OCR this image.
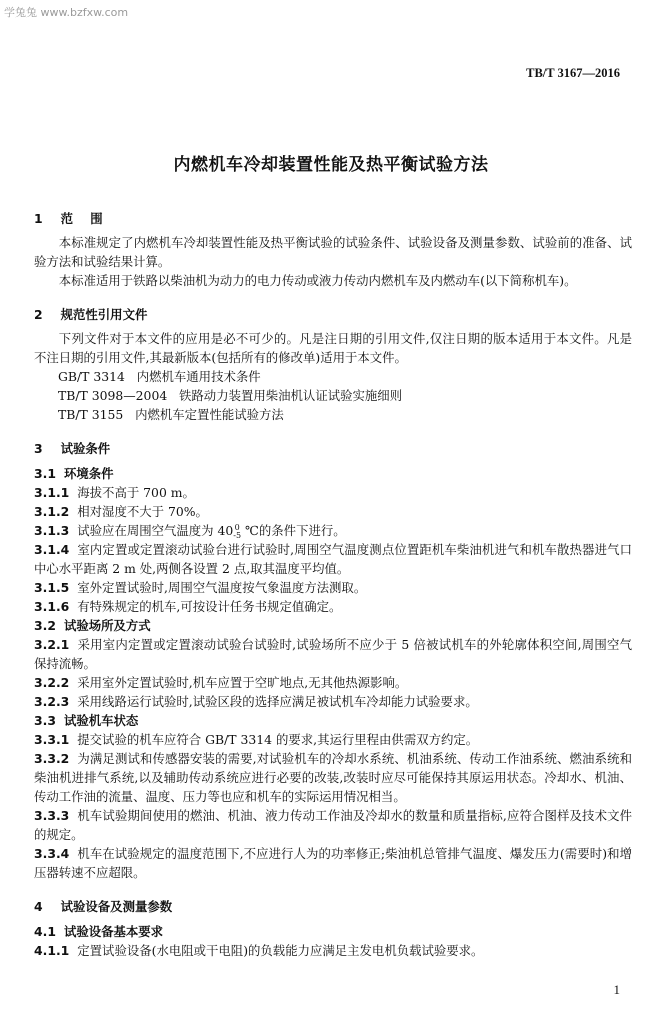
学兔兔 www.bzfxw.com
TB/T 3167—2016
内燃机车冷却装置性能及热平衡试验方法
1 范    围

本标准规定了内燃机车冷却装置性能及热平衡试验的试验条件、试验设备及测量参数、试验前的准备、试验方法和试验结果计算。

本标准适用于铁路以柴油机为动力的电力传动或液力传动内燃机车及内燃动车(以下简称机车)。

2 规范性引用文件

下列文件对于本文件的应用是必不可少的。凡是注日期的引用文件,仅注日期的版本适用于本文件。凡是不注日期的引用文件,其最新版本(包括所有的修改单)适用于本文件。

GB/T 3314   内燃机车通用技术条件

TB/T 3098—2004   铁路动力装置用柴油机认证试验实施细则

TB/T 3155   内燃机车定置性能试验方法

3 试验条件
3.1 环境条件

3.1.1 海拔不高于 700 m。

3.1.2 相对湿度不大于 70%。

3.1.3 试验应在周围空气温度为 400
-5 ℃的条件下进行。

3.1.4 室内定置或定置滚动试验台进行试验时,周围空气温度测点位置距机车柴油机进气和机车散热器进气口中心水平距离 2 m 处,两侧各设置 2 点,取其温度平均值。

3.1.5 室外定置试验时,周围空气温度按气象温度方法测取。

3.1.6 有特殊规定的机车,可按设计任务书规定值确定。

3.2 试验场所及方式

3.2.1 采用室内定置或定置滚动试验台试验时,试验场所不应少于 5 倍被试机车的外轮廓体积空间,周围空气保持流畅。

3.2.2 采用室外定置试验时,机车应置于空旷地点,无其他热源影响。

3.2.3 采用线路运行试验时,试验区段的选择应满足被试机车冷却能力试验要求。

3.3 试验机车状态

3.3.1 提交试验的机车应符合 GB/T 3314 的要求,其运行里程由供需双方约定。

3.3.2 为满足测试和传感器安装的需要,对试验机车的冷却水系统、机油系统、传动工作油系统、燃油系统和柴油机进排气系统,以及辅助传动系统应进行必要的改装,改装时应尽可能保持其原运用状态。冷却水、机油、传动工作油的流量、温度、压力等也应和机车的实际运用情况相当。

3.3.3 机车试验期间使用的燃油、机油、液力传动工作油及冷却水的数量和质量指标,应符合图样及技术文件的规定。

3.3.4 机车在试验规定的温度范围下,不应进行人为的功率修正;柴油机总管排气温度、爆发压力(需要时)和增压器转速不应超限。

4 试验设备及测量参数
4.1 试验设备基本要求

4.1.1 定置试验设备(水电阻或干电阻)的负载能力应满足主发电机负载试验要求。

1
